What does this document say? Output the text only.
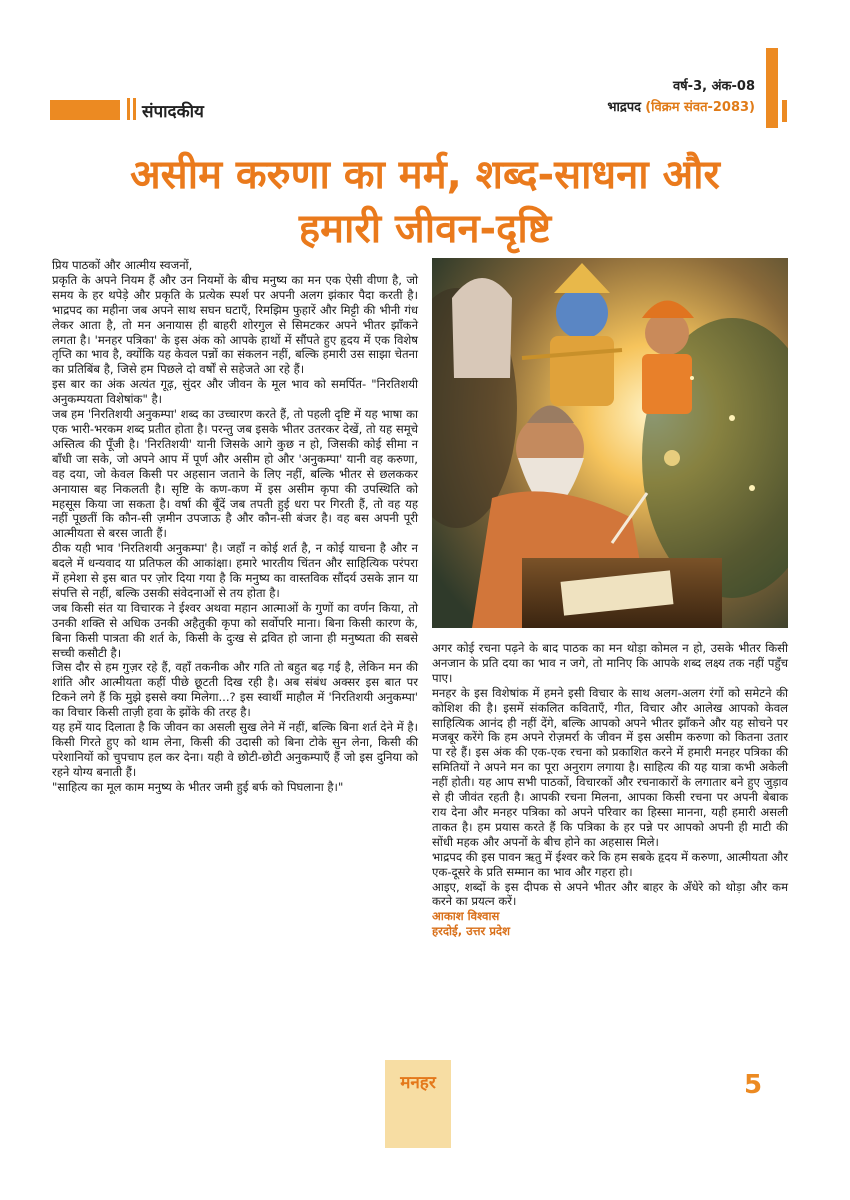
संपादकीय
वर्ष-3, अंक-08
भाद्रपद (विक्रम संवत-2083)
असीम करुणा का मर्म, शब्द-साधना और
हमारी जीवन-दृष्टि

प्रिय पाठकों और आत्मीय स्वजनों,

प्रकृति के अपने नियम हैं और उन नियमों के बीच मनुष्य का मन एक ऐसी वीणा है, जो समय के हर थपेड़े और प्रकृति के प्रत्येक स्पर्श पर अपनी अलग झंकार पैदा करती है। भाद्रपद का महीना जब अपने साथ सघन घटाएँ, रिमझिम फुहारें और मिट्टी की भीनी गंध लेकर आता है, तो मन अनायास ही बाहरी शोरगुल से सिमटकर अपने भीतर झाँकने लगता है। 'मनहर पत्रिका' के इस अंक को आपके हाथों में सौंपते हुए हृदय में एक विशेष तृप्ति का भाव है, क्योंकि यह केवल पन्नों का संकलन नहीं, बल्कि हमारी उस साझा चेतना का प्रतिबिंब है, जिसे हम पिछले दो वर्षों से सहेजते आ रहे हैं।

इस बार का अंक अत्यंत गूढ़, सुंदर और जीवन के मूल भाव को समर्पित- "निरतिशयी अनुकम्पयता विशेषांक" है।

जब हम 'निरतिशयी अनुकम्पा' शब्द का उच्चारण करते हैं, तो पहली दृष्टि में यह भाषा का एक भारी-भरकम शब्द प्रतीत होता है। परन्तु जब इसके भीतर उतरकर देखें, तो यह समूचे अस्तित्व की पूँजी है। 'निरतिशयी' यानी जिसके आगे कुछ न हो, जिसकी कोई सीमा न बाँधी जा सके, जो अपने आप में पूर्ण और असीम हो और 'अनुकम्पा' यानी वह करुणा, वह दया, जो केवल किसी पर अहसान जताने के लिए नहीं, बल्कि भीतर से छलककर अनायास बह निकलती है। सृष्टि के कण-कण में इस असीम कृपा की उपस्थिति को महसूस किया जा सकता है। वर्षा की बूँदें जब तपती हुई धरा पर गिरती हैं, तो वह यह नहीं पूछतीं कि कौन-सी ज़मीन उपजाऊ है और कौन-सी बंजर है। वह बस अपनी पूरी आत्मीयता से बरस जाती हैं।

ठीक यही भाव 'निरतिशयी अनुकम्पा' है। जहाँ न कोई शर्त है, न कोई याचना है और न बदले में धन्यवाद या प्रतिफल की आकांक्षा। हमारे भारतीय चिंतन और साहित्यिक परंपरा में हमेशा से इस बात पर ज़ोर दिया गया है कि मनुष्य का वास्तविक सौंदर्य उसके ज्ञान या संपत्ति से नहीं, बल्कि उसकी संवेदनाओं से तय होता है।

जब किसी संत या विचारक ने ईश्वर अथवा महान आत्माओं के गुणों का वर्णन किया, तो उनकी शक्ति से अधिक उनकी अहैतुकी कृपा को सर्वोपरि माना। बिना किसी कारण के, बिना किसी पात्रता की शर्त के, किसी के दुःख से द्रवित हो जाना ही मनुष्यता की सबसे सच्ची कसौटी है।

जिस दौर से हम गुज़र रहे हैं, वहाँ तकनीक और गति तो बहुत बढ़ गई है, लेकिन मन की शांति और आत्मीयता कहीं पीछे छूटती दिख रही है। अब संबंध अक्सर इस बात पर टिकने लगे हैं कि मुझे इससे क्या मिलेगा...? इस स्वार्थी माहौल में 'निरतिशयी अनुकम्पा' का विचार किसी ताज़ी हवा के झोंके की तरह है।

यह हमें याद दिलाता है कि जीवन का असली सुख लेने में नहीं, बल्कि बिना शर्त देने में है। किसी गिरते हुए को थाम लेना, किसी की उदासी को बिना टोके सुन लेना, किसी की परेशानियों को चुपचाप हल कर देना। यही वे छोटी-छोटी अनुकम्पाएँ हैं जो इस दुनिया को रहने योग्य बनाती हैं।

"साहित्य का मूल काम मनुष्य के भीतर जमी हुई बर्फ को पिघलाना है।"

अगर कोई रचना पढ़ने के बाद पाठक का मन थोड़ा कोमल न हो, उसके भीतर किसी अनजान के प्रति दया का भाव न जगे, तो मानिए कि आपके शब्द लक्ष्य तक नहीं पहुँच पाए।

मनहर के इस विशेषांक में हमने इसी विचार के साथ अलग-अलग रंगों को समेटने की कोशिश की है। इसमें संकलित कविताएँ, गीत, विचार और आलेख आपको केवल साहित्यिक आनंद ही नहीं देंगे, बल्कि आपको अपने भीतर झाँकने और यह सोचने पर मजबूर करेंगे कि हम अपने रोज़मर्रा के जीवन में इस असीम करुणा को कितना उतार पा रहे हैं। इस अंक की एक-एक रचना को प्रकाशित करने में हमारी मनहर पत्रिका की समितियों ने अपने मन का पूरा अनुराग लगाया है। साहित्य की यह यात्रा कभी अकेली नहीं होती। यह आप सभी पाठकों, विचारकों और रचनाकारों के लगातार बने हुए जुड़ाव से ही जीवंत रहती है। आपकी रचना मिलना, आपका किसी रचना पर अपनी बेबाक राय देना और मनहर पत्रिका को अपने परिवार का हिस्सा मानना, यही हमारी असली ताकत है। हम प्रयास करते हैं कि पत्रिका के हर पन्ने पर आपको अपनी ही माटी की सोंधी महक और अपनों के बीच होने का अहसास मिले।

भाद्रपद की इस पावन ऋतु में ईश्वर करे कि हम सबके हृदय में करुणा, आत्मीयता और एक-दूसरे के प्रति सम्मान का भाव और गहरा हो।

आइए, शब्दों के इस दीपक से अपने भीतर और बाहर के अँधेरे को थोड़ा और कम करने का प्रयत्न करें।

आकाश विश्वास

हरदोई, उत्तर प्रदेश

मनहर	5
